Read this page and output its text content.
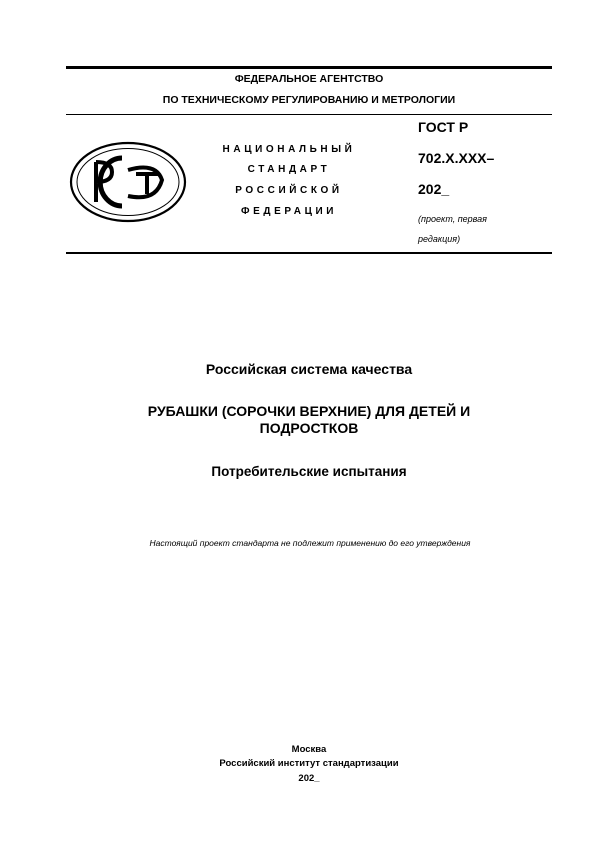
ФЕДЕРАЛЬНОЕ АГЕНТСТВО
ПО ТЕХНИЧЕСКОМУ РЕГУЛИРОВАНИЮ И МЕТРОЛОГИИ
НАЦИОНАЛЬНЫЙ
СТАНДАРТ
РОССИЙСКОЙ
ФЕДЕРАЦИИ
ГОСТ Р
702.Х.ХХХ–
202_
(проект, первая
редакция)
Российская система качества
РУБАШКИ (СОРОЧКИ ВЕРХНИЕ) ДЛЯ ДЕТЕЙ И
ПОДРОСТКОВ
Потребительские испытания
Настоящий проект стандарта не подлежит применению до его утверждения
Москва
Российский институт стандартизации
202_
